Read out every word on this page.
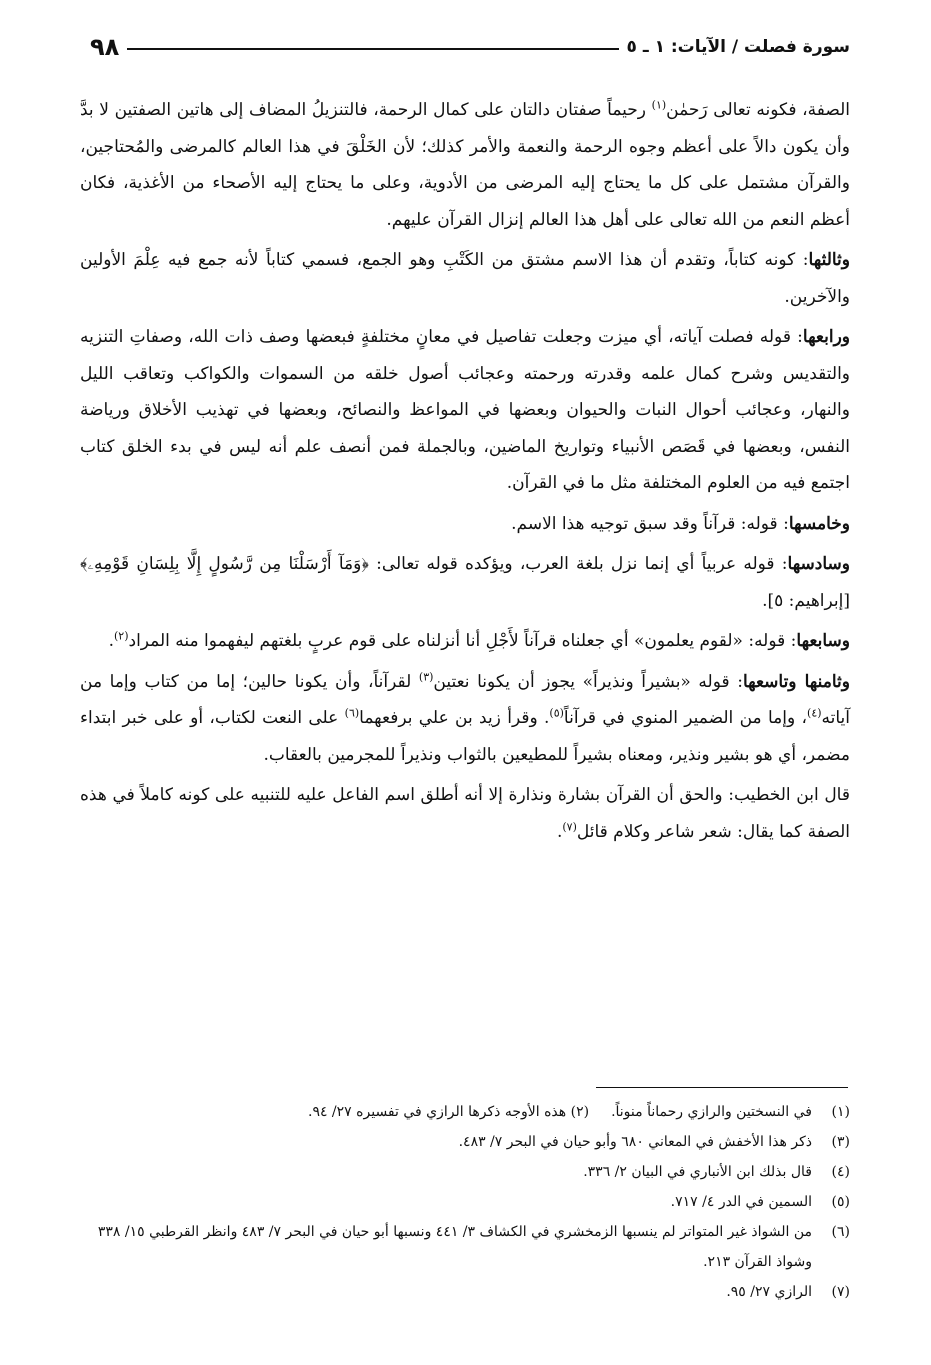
سورة فصلت / الآيات: ١ ـ ٥
٩٨

الصفة، فكونه تعالى رَحمٰن$^{(١)}$ رحيماً صفتان دالتان على كمال الرحمة، فالتنزيلُ المضاف إلى هاتين الصفتين لا بدَّ وأن يكون دالاً على أعظم وجوه الرحمة والنعمة والأمر كذلك؛ لأن الخَلْقَ في هذا العالم كالمرضى والمُحتاجين، والقرآن مشتمل على كل ما يحتاج إليه المرضى من الأدوية، وعلى ما يحتاج إليه الأصحاء من الأغذية، فكان أعظم النعم من الله تعالى على أهل هذا العالم إنزال القرآن عليهم.

وثالثها: كونه كتاباً، وتقدم أن هذا الاسم مشتق من الكَتْبِ وهو الجمع، فسمي كتاباً لأنه جمع فيه عِلْمَ الأولين والآخرين.

ورابعها: قوله فصلت آياته، أي ميزت وجعلت تفاصيل في معانٍ مختلفةٍ فبعضها وصف ذات الله، وصفاتِ التنزيه والتقديس وشرح كمال علمه وقدرته ورحمته وعجائب أصول خلقه من السموات والكواكب وتعاقب الليل والنهار، وعجائب أحوال النبات والحيوان وبعضها في المواعظ والنصائح، وبعضها في تهذيب الأخلاق ورياضة النفس، وبعضها في قَصَص الأنبياء وتواريخ الماضين، وبالجملة فمن أنصف علم أنه ليس في بدء الخلق كتاب اجتمع فيه من العلوم المختلفة مثل ما في القرآن.

وخامسها: قوله: قرآناً وقد سبق توجيه هذا الاسم.

وسادسها: قوله عربياً أي إنما نزل بلغة العرب، ويؤكده قوله تعالى: ﴿وَمَآ أَرْسَلْنَا مِن رَّسُولٍ إِلَّا بِلِسَانِ قَوْمِهِۦ﴾ [إبراهيم: ٥].

وسابعها: قوله: «لقوم يعلمون» أي جعلناه قرآناً لأَجْلِ أنا أنزلناه على قوم عربٍ بلغتهم ليفهموا منه المراد$^{(٢)}$.

وثامنها وتاسعها: قوله «بشيراً ونذيراً» يجوز أن يكونا نعتين$^{(٣)}$ لقرآناً، وأن يكونا حالين؛ إما من كتاب وإما من آياته$^{(٤)}$، وإما من الضمير المنوي في قرآناً$^{(٥)}$. وقرأ زيد بن علي برفعهما$^{(٦)}$ على النعت لكتاب، أو على خبر ابتداء مضمر، أي هو بشير ونذير، ومعناه بشيراً للمطيعين بالثواب ونذيراً للمجرمين بالعقاب.

قال ابن الخطيب: والحق أن القرآن بشارة ونذارة إلا أنه أطلق اسم الفاعل عليه للتنبيه على كونه كاملاً في هذه الصفة كما يقال: شعر شاعر وكلام قائل$^{(٧)}$.

(١)
في النسختين والرازي رحماناً منوناً.(٢) هذه الأوجه ذكرها الرازي في تفسيره ٢٧/ ٩٤.
(٣)
ذكر هذا الأخفش في المعاني ٦٨٠ وأبو حيان في البحر ٧/ ٤٨٣.
(٤)
قال بذلك ابن الأنباري في البيان ٢/ ٣٣٦.
(٥)
السمين في الدر ٤/ ٧١٧.
(٦)
من الشواذ غير المتواتر لم ينسبها الزمخشري في الكشاف ٣/ ٤٤١ ونسبها أبو حيان في البحر ٧/ ٤٨٣ وانظر القرطبي ١٥/ ٣٣٨ وشواذ القرآن ٢١٣.
(٧)
الرازي ٢٧/ ٩٥.
